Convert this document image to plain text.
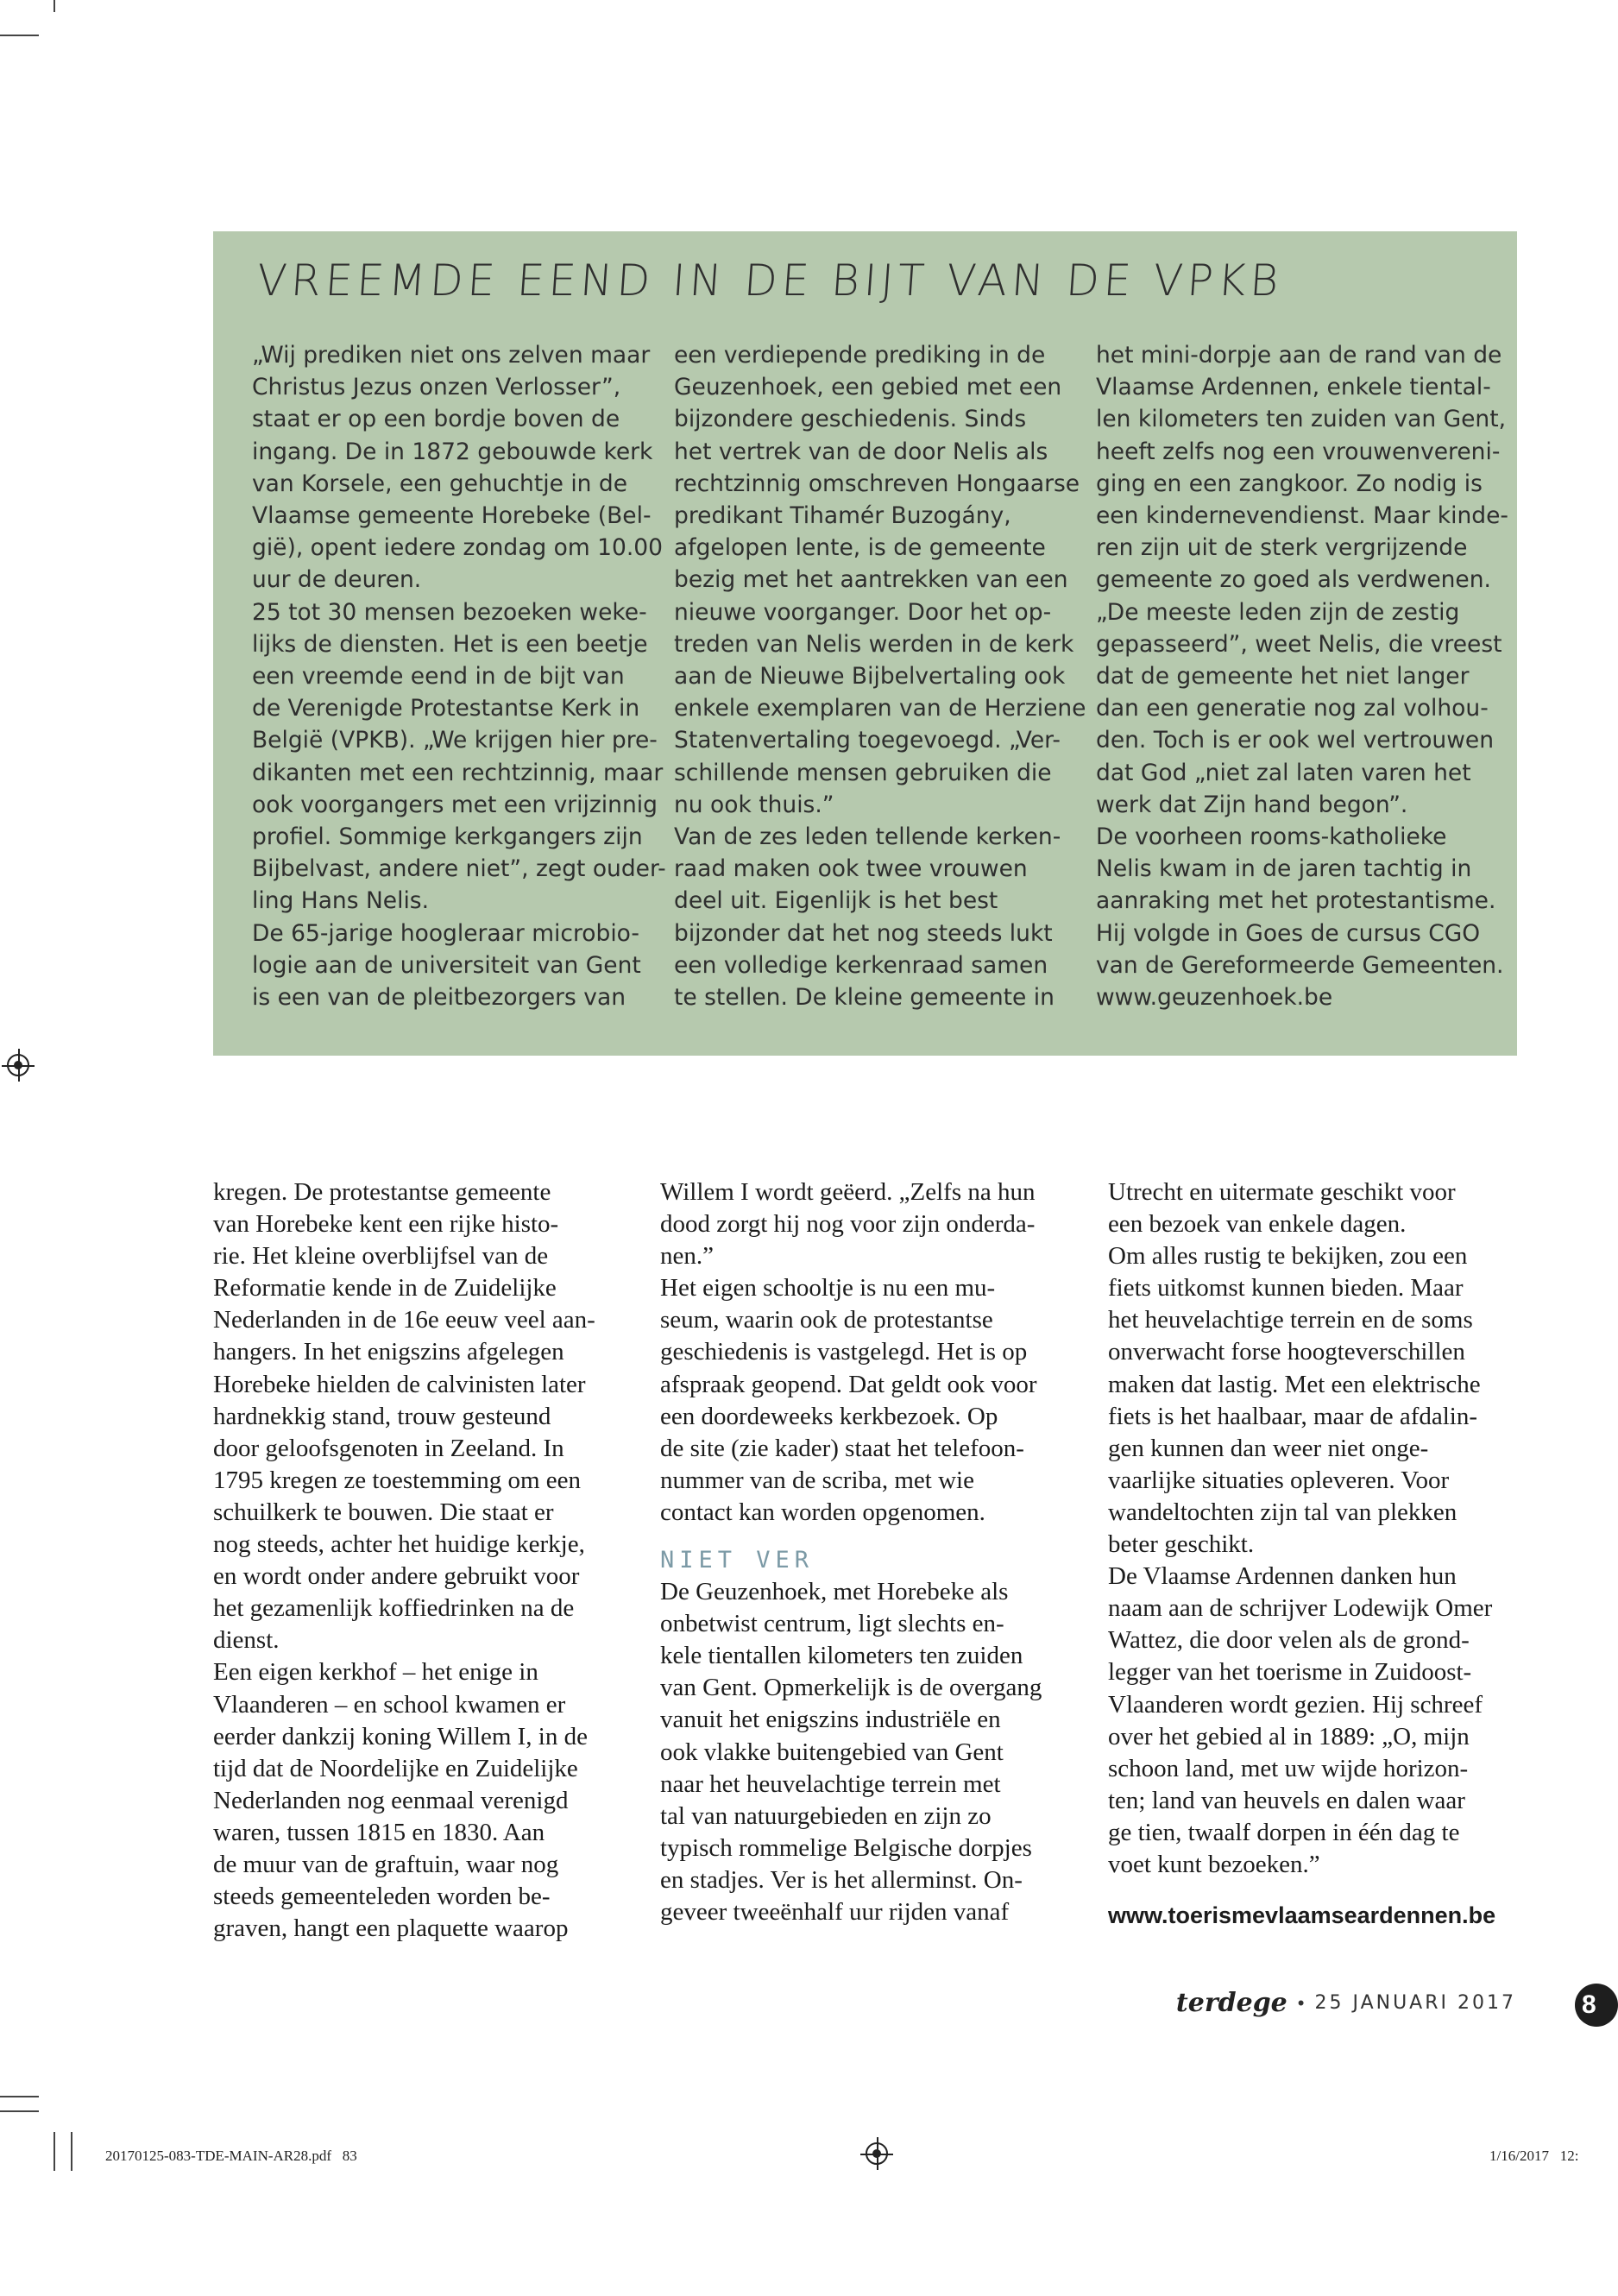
VREEMDE EEND IN DE BIJT VAN DE VPKB
„Wij prediken niet ons zelven maar
Christus Jezus onzen Verlosser”,
staat er op een bordje boven de
ingang. De in 1872 gebouwde kerk
van Korsele, een gehuchtje in de
Vlaamse gemeente Horebeke (Bel-
gië), opent iedere zondag om 10.00
uur de deuren.
25 tot 30 mensen bezoeken weke-
lijks de diensten. Het is een beetje
een vreemde eend in de bijt van
de Verenigde Protestantse Kerk in
België (VPKB). „We krijgen hier pre-
dikanten met een rechtzinnig, maar
ook voorgangers met een vrijzinnig
profiel. Sommige kerkgangers zijn
Bijbelvast, andere niet”, zegt ouder-
ling Hans Nelis.
De 65-jarige hoogleraar microbio-
logie aan de universiteit van Gent
is een van de pleitbezorgers van
een verdiepende prediking in de
Geuzenhoek, een gebied met een
bijzondere geschiedenis. Sinds
het vertrek van de door Nelis als
rechtzinnig omschreven Hongaarse
predikant Tihamér Buzogány,
afgelopen lente, is de gemeente
bezig met het aantrekken van een
nieuwe voorganger. Door het op-
treden van Nelis werden in de kerk
aan de Nieuwe Bijbelvertaling ook
enkele exemplaren van de Herziene
Statenvertaling toegevoegd. „Ver-
schillende mensen gebruiken die
nu ook thuis.”
Van de zes leden tellende kerken-
raad maken ook twee vrouwen
deel uit. Eigenlijk is het best
bijzonder dat het nog steeds lukt
een volledige kerkenraad samen
te stellen. De kleine gemeente in
het mini-dorpje aan de rand van de
Vlaamse Ardennen, enkele tiental-
len kilometers ten zuiden van Gent,
heeft zelfs nog een vrouwenvereni-
ging en een zangkoor. Zo nodig is
een kindernevendienst. Maar kinde-
ren zijn uit de sterk vergrijzende
gemeente zo goed als verdwenen.
„De meeste leden zijn de zestig
gepasseerd”, weet Nelis, die vreest
dat de gemeente het niet langer
dan een generatie nog zal volhou-
den. Toch is er ook wel vertrouwen
dat God „niet zal laten varen het
werk dat Zijn hand begon”.
De voorheen rooms-katholieke
Nelis kwam in de jaren tachtig in
aanraking met het protestantisme.
Hij volgde in Goes de cursus CGO
van de Gereformeerde Gemeenten.
www.geuzenhoek.be
kregen. De protestantse gemeente
van Horebeke kent een rijke histo-
rie. Het kleine overblijfsel van de
Reformatie kende in de Zuidelijke
Nederlanden in de 16e eeuw veel aan-
hangers. In het enigszins afgelegen
Horebeke hielden de calvinisten later
hardnekkig stand, trouw gesteund
door geloofsgenoten in Zeeland. In
1795 kregen ze toestemming om een
schuilkerk te bouwen. Die staat er
nog steeds, achter het huidige kerkje,
en wordt onder andere gebruikt voor
het gezamenlijk koffiedrinken na de
dienst.
Een eigen kerkhof – het enige in
Vlaanderen – en school kwamen er
eerder dankzij koning Willem I, in de
tijd dat de Noordelijke en Zuidelijke
Nederlanden nog eenmaal verenigd
waren, tussen 1815 en 1830. Aan
de muur van de graftuin, waar nog
steeds gemeenteleden worden be-
graven, hangt een plaquette waarop
Willem I wordt geëerd. „Zelfs na hun
dood zorgt hij nog voor zijn onderda-
nen.”
Het eigen schooltje is nu een mu-
seum, waarin ook de protestantse
geschiedenis is vastgelegd. Het is op
afspraak geopend. Dat geldt ook voor
een doordeweeks kerkbezoek. Op
de site (zie kader) staat het telefoon-
nummer van de scriba, met wie
contact kan worden opgenomen.
NIET VER
De Geuzenhoek, met Horebeke als
onbetwist centrum, ligt slechts en-
kele tientallen kilometers ten zuiden
van Gent. Opmerkelijk is de overgang
vanuit het enigszins industriële en
ook vlakke buitengebied van Gent
naar het heuvelachtige terrein met
tal van natuurgebieden en zijn zo
typisch rommelige Belgische dorpjes
en stadjes. Ver is het allerminst. On-
geveer tweeënhalf uur rijden vanaf
Utrecht en uitermate geschikt voor
een bezoek van enkele dagen.
Om alles rustig te bekijken, zou een
fiets uitkomst kunnen bieden. Maar
het heuvelachtige terrein en de soms
onverwacht forse hoogteverschillen
maken dat lastig. Met een elektrische
fiets is het haalbaar, maar de afdalin-
gen kunnen dan weer niet onge-
vaarlijke situaties opleveren. Voor
wandeltochten zijn tal van plekken
beter geschikt.
De Vlaamse Ardennen danken hun
naam aan de schrijver Lodewijk Omer
Wattez, die door velen als de grond-
legger van het toerisme in Zuidoost-
Vlaanderen wordt gezien. Hij schreef
over het gebied al in 1889: „O, mijn
schoon land, met uw wijde horizon-
ten; land van heuvels en dalen waar
ge tien, twaalf dorpen in één dag te
voet kunt bezoeken.”
www.toerismevlaamseardennen.be
terdege • 25 JANUARI 2017	8
20170125-083-TDE-MAIN-AR28.pdf   83	1/16/2017   12:
